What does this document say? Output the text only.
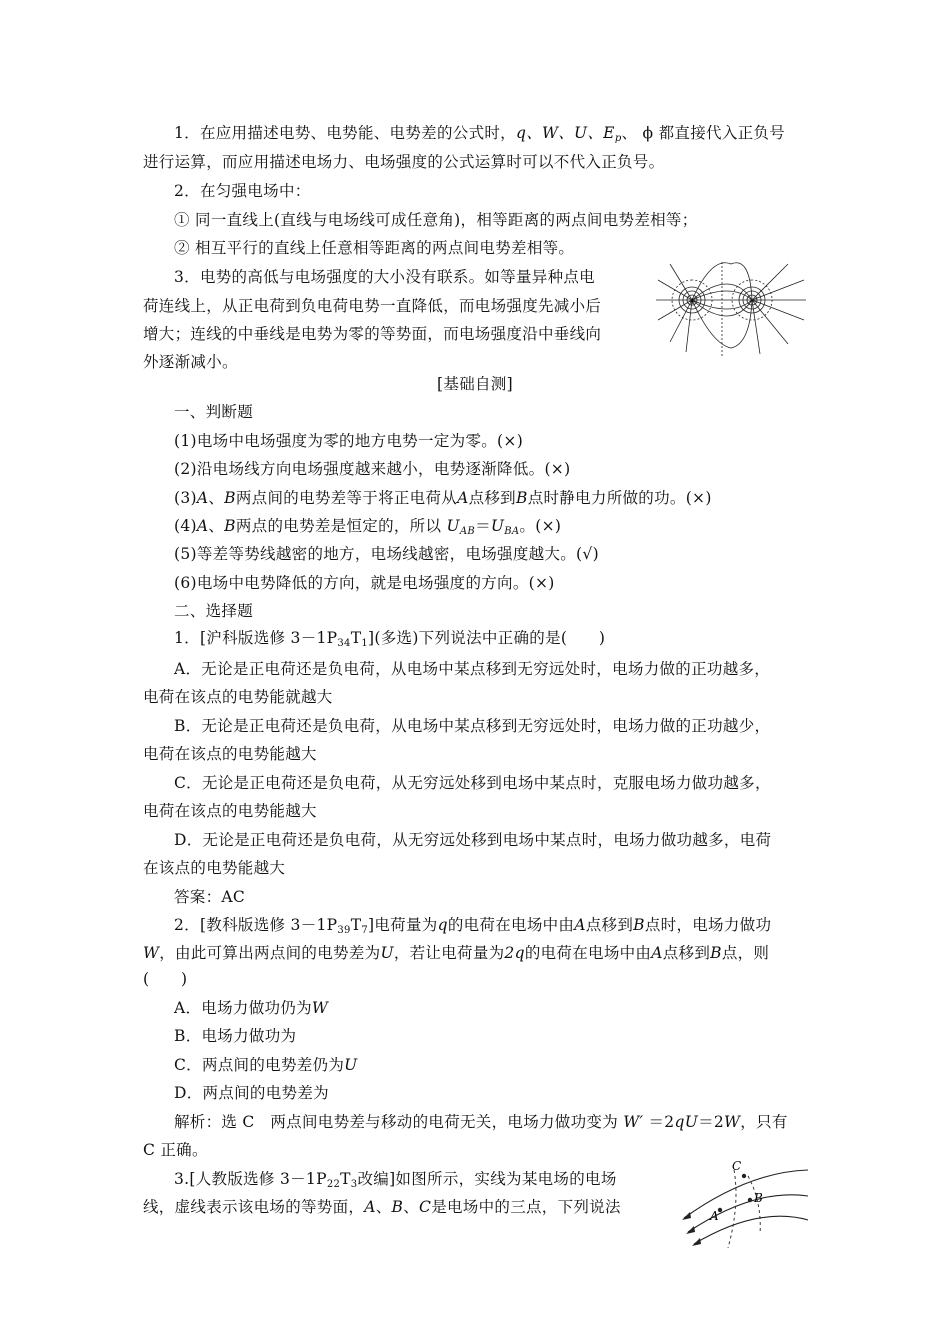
1．在应用描述电势、电势能、电势差的公式时，q、W、U、$E_p$、 ϕ 都直接代入正负号
进行运算，而应用描述电场力、电场强度的公式运算时可以不代入正负号。
2．在匀强电场中：
① 同一直线上(直线与电场线可成任意角)，相等距离的两点间电势差相等；
② 相互平行的直线上任意相等距离的两点间电势差相等。
3．电势的高低与电场强度的大小没有联系。如等量异种点电
荷连线上，从正电荷到负电荷电势一直降低，而电场强度先减小后
增大；连线的中垂线是电势为零的等势面，而电场强度沿中垂线向
外逐渐减小。
+	−
[基础自测]
一、判断题
(1)电场中电场强度为零的地方电势一定为零。(×)
(2)沿电场线方向电场强度越来越小，电势逐渐降低。(×)
(3)A、B两点间的电势差等于将正电荷从A点移到B点时静电力所做的功。(×)
(4)A、B两点的电势差是恒定的，所以 $U_{AB}=U_{BA}$。(×)
(5)等差等势线越密的地方，电场线越密，电场强度越大。(√)
(6)电场中电势降低的方向，就是电场强度的方向。(×)
二、选择题
1．[沪科版选修 $3-1P_{34}T_1$](多选)下列说法中正确的是(　　)
A．无论是正电荷还是负电荷，从电场中某点移到无穷远处时，电场力做的正功越多，
电荷在该点的电势能就越大
B．无论是正电荷还是负电荷，从电场中某点移到无穷远处时，电场力做的正功越少，
电荷在该点的电势能越大
C．无论是正电荷还是负电荷，从无穷远处移到电场中某点时，克服电场力做功越多，
电荷在该点的电势能越大
D．无论是正电荷还是负电荷，从无穷远处移到电场中某点时，电场力做功越多，电荷
在该点的电势能越大
答案：AC
2．[教科版选修 $3-1P_{39}T_7$]电荷量为q的电荷在电场中由A点移到B点时，电场力做功
W，由此可算出两点间的电势差为U，若让电荷量为2q的电荷在电场中由A点移到B点，则
(　　)
A．电场力做功仍为W
B．电场力做功为
C．两点间的电势差仍为U
D．两点间的电势差为
解析：选 C　两点间电势差与移动的电荷无关，电场力做功变为 W′ ＝2qU＝2W，只有
C 正确。
3.[人教版选修 $3-1P_{22}T_3$改编]如图所示，实线为某电场的电场
线，虚线表示该电场的等势面，A、B、C是电场中的三点，下列说法	A
B
C
